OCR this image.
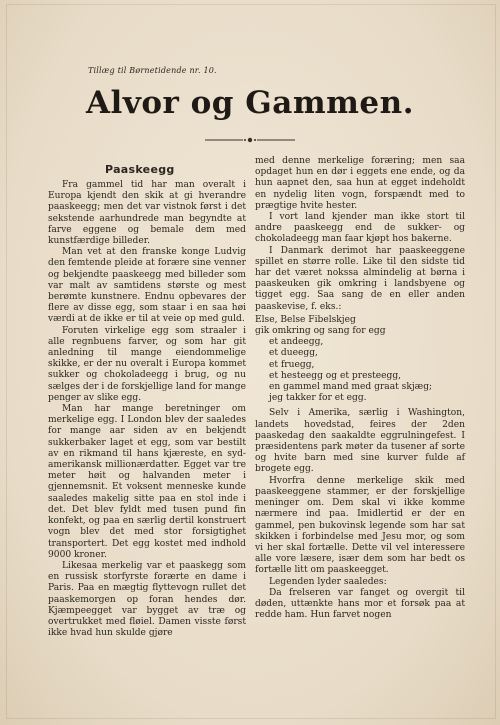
Tillæg til Børnetidende nr. 10.
Alvor og Gammen.
Paaskeegg

Fra gammel tid har man overalt i Europa kjendt den skik at gi hverandre paaskeegg; men det var vistnok først i det sekstende aarhundrede man begyndte at farve eggene og bemale dem med kunstfærdige billeder.

Man vet at den franske konge Ludvig den femtende pleide at forære sine venner og bekjendte paaskeegg med billeder som var malt av samtidens største og mest berømte kunstnere. Endnu opbevares der flere av disse egg, som staar i en saa høi værdi at de ikke er til at veie op med guld.

Foruten virkelige egg som straaler i alle regnbuens farver, og som har git anledning til mange eiendommelige skikke, er der nu overalt i Europa kommet sukker og chokoladeegg i brug, og nu sælges der i de forskjellige land for mange penger av slike egg.

Man har mange beretninger om merkelige egg. I London blev der saaledes for mange aar siden av en bekjendt sukkerbaker laget et egg, som var bestilt av en rikmand til hans kjæreste, en syd-amerikansk millionærdatter. Egget var tre meter høit og halvanden meter i gjennemsnit. Et voksent menneske kunde saaledes makelig sitte paa en stol inde i det. Det blev fyldt med tusen pund fin konfekt, og paa en særlig dertil konstruert vogn blev det med stor forsigtighet transportert. Det egg kostet med indhold 9000 kroner.

Likesaa merkelig var et paaskegg som en russisk storfyrste forærte en dame i Paris. Paa en mægtig flyttevogn rullet det paaskemorgen op foran hendes dør. Kjæmpeegget var bygget av træ og overtrukket med fløiel. Damen visste først ikke hvad hun skulde gjøre

med denne merkelige foræring; men saa opdaget hun en dør i eggets ene ende, og da hun aapnet den, saa hun at egget indeholdt en nydelig liten vogn, forspændt med to prægtige hvite hester.

I vort land kjender man ikke stort til andre paaskeegg end de sukker- og chokoladeegg man faar kjøpt hos bakerne.

I Danmark derimot har paaskeeggene spillet en større rolle. Like til den sidste tid har det været nokssa almindelig at børna i paaskeuken gik omkring i landsbyene og tigget egg. Saa sang de en eller anden paaskevise, f. eks.:

Else, Belse Fibelskjeg
gik omkring og sang for egg
et andeegg,
et dueegg,
et fruegg,
et hesteegg og et presteegg,
en gammel mand med graat skjæg;
jeg takker for et egg.

Selv i Amerika, særlig i Washington, landets hovedstad, feires der 2den paaskedag den saakaldte eggrulningefest. I præsidentens park møter da tusener af sorte og hvite barn med sine kurver fulde af brogete egg.

Hvorfra denne merkelige skik med paaskeeggene stammer, er der forskjellige meninger om. Dem skal vi ikke komme nærmere ind paa. Imidlertid er der en gammel, pen bukovinsk legende som har sat skikken i forbindelse med Jesu mor, og som vi her skal fortælle. Dette vil vel interessere alle vore læsere, især dem som har bedt os fortælle litt om paaskeegget.

Legenden lyder saaledes:

Da frelseren var fanget og overgit til døden, uttænkte hans mor et forsøk paa at redde ham. Hun farvet nogen
